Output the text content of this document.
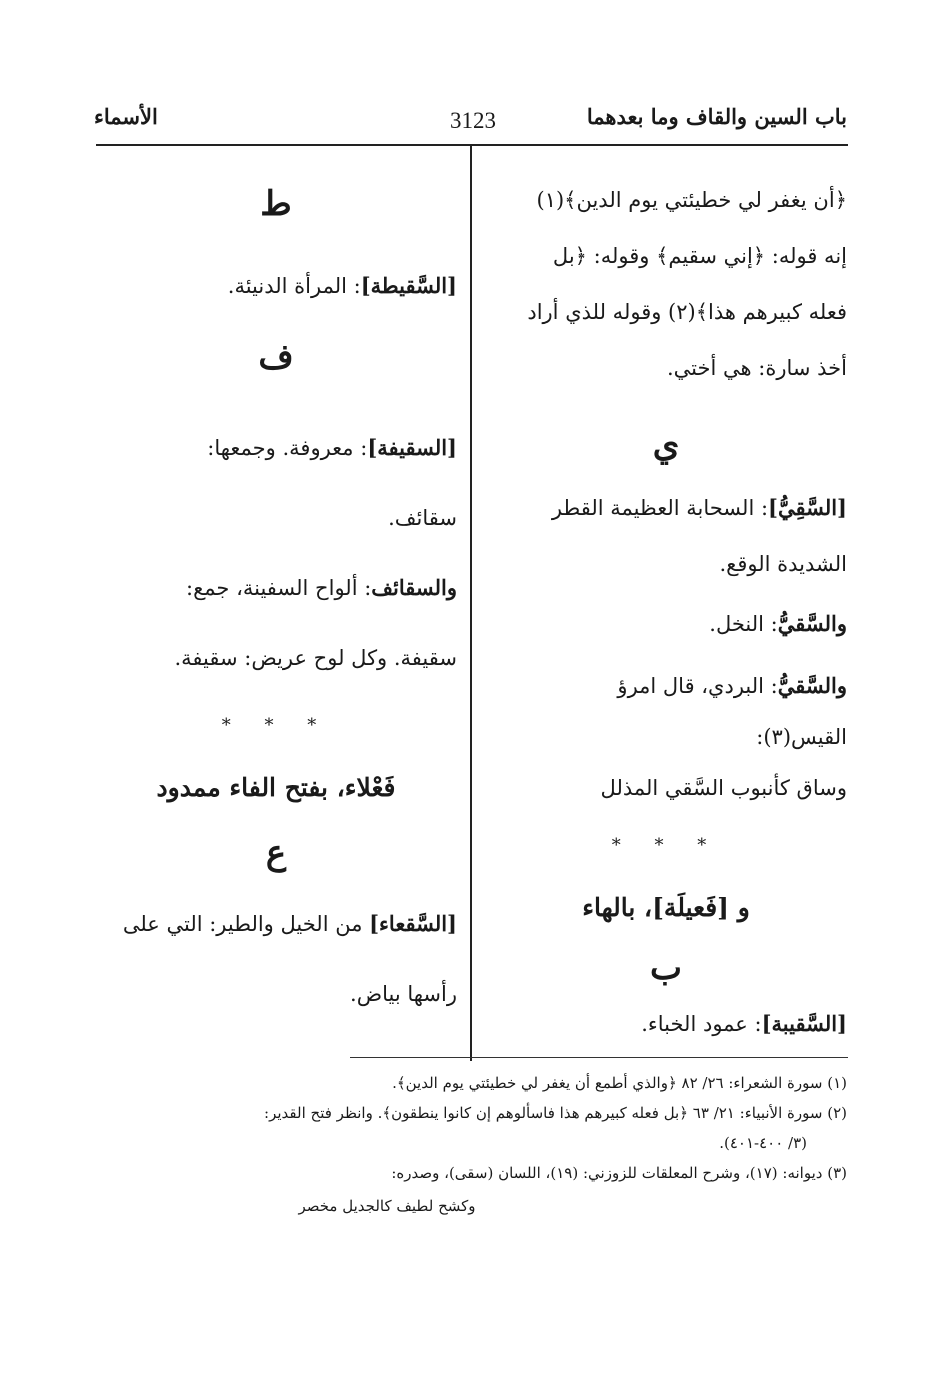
باب السين والقاف وما بعدهما
3123
الأسماء

﴿أن يغفر لي خطيئتي يوم الدين﴾(١)

إنه قوله: ﴿إني سقيم﴾ وقوله: ﴿بل

فعله كبيرهم هذا﴾(٢) وقوله للذي أراد

أخذ سارة: هي أختي.

ي

[السَّقِيُّ]: السحابة العظيمة القطر

الشديدة الوقع.

والسَّقيُّ: النخل.

والسَّقيُّ: البردي، قال امرؤ

القيس(٣):

وساق كأنبوب السَّقي المذلل

* * *

و [فَعيلَة]، بالهاء

ب

[السَّقيبة]: عمود الخباء.

ط

[السَّقيطة]: المرأة الدنيئة.

ف

[السقيفة]: معروفة. وجمعها:

سقائف.

والسقائف: ألواح السفينة، جمع:

سقيفة. وكل لوح عريض: سقيفة.

* * *

فَعْلاء، بفتح الفاء ممدود

ع

[السَّقعاء] من الخيل والطير: التي على

رأسها بياض.

(١) سورة الشعراء: ٢٦/ ٨٢ ﴿والذي أطمع أن يغفر لي خطيئتي يوم الدين﴾.

(٢) سورة الأنبياء: ٢١/ ٦٣ ﴿بل فعله كبيرهم هذا فاسألوهم إن كانوا ينطقون﴾. وانظر فتح القدير:

(٣/ ٤٠٠-٤٠١).

(٣) ديوانه: (١٧)، وشرح المعلقات للزوزني: (١٩)، اللسان (سقى)، وصدره:

وكشح لطيف كالجديل مخصر
